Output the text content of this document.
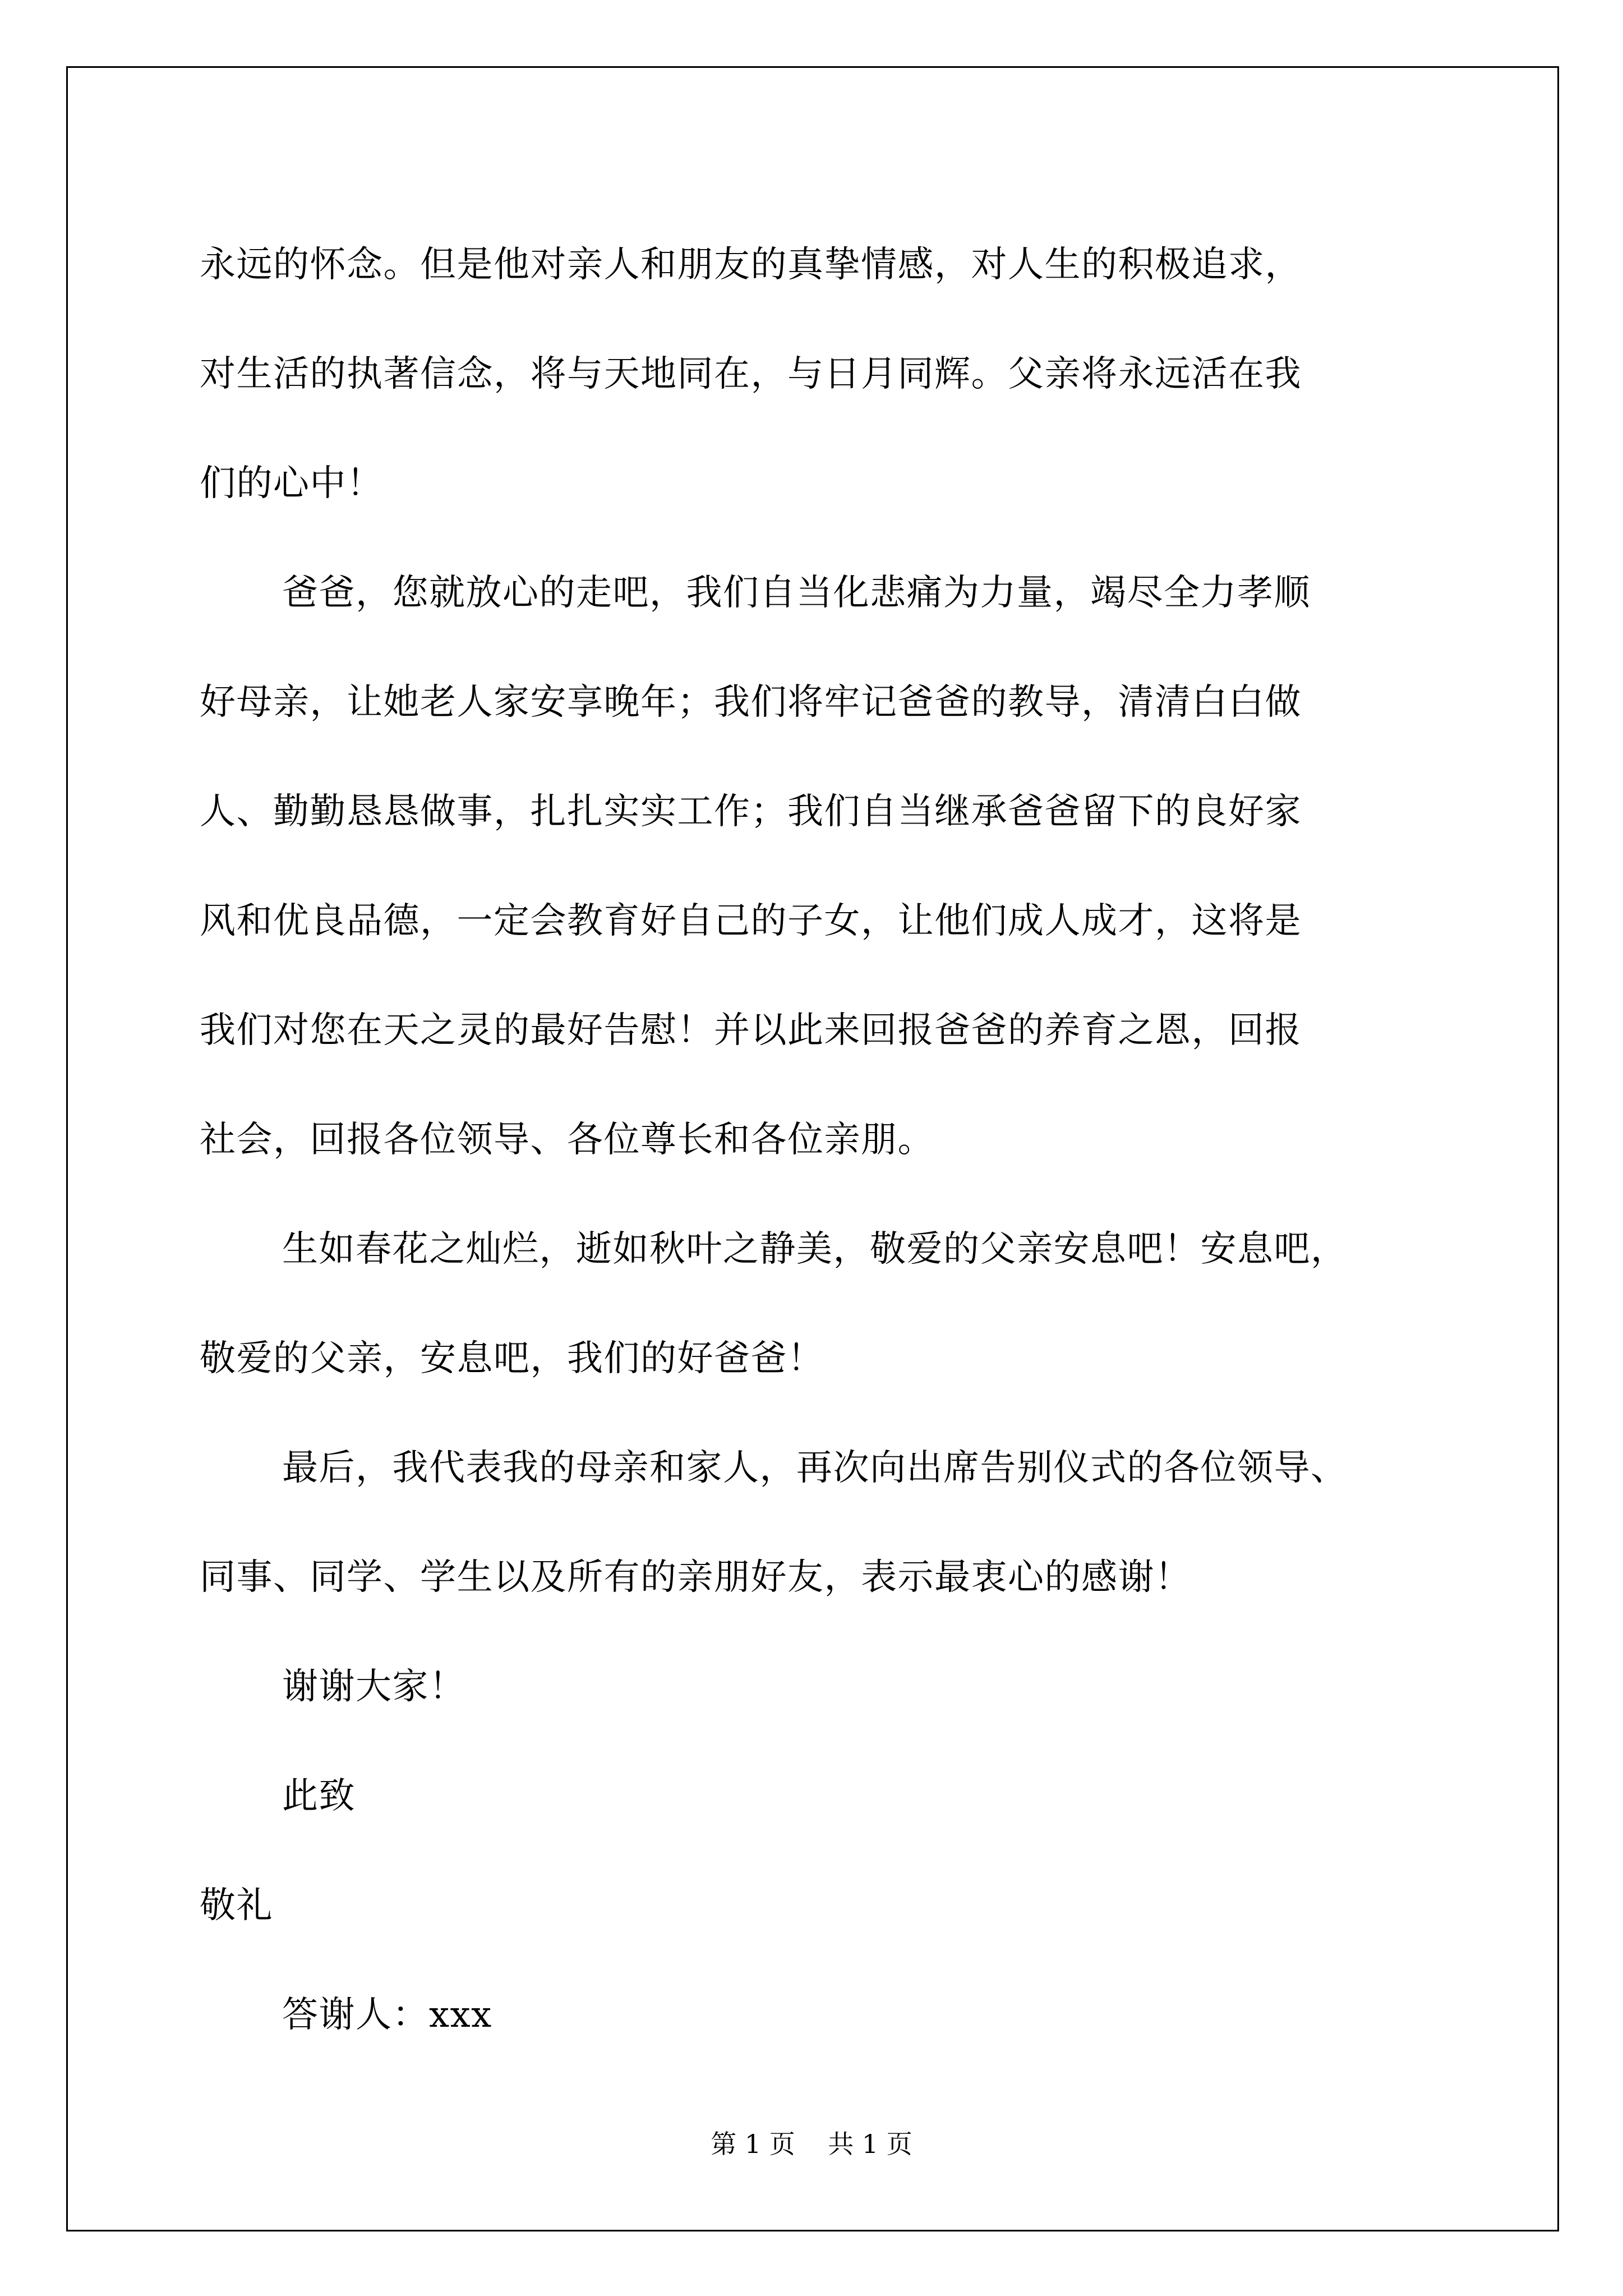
永远的怀念。但是他对亲人和朋友的真挚情感，对人生的积极追求，

对生活的执著信念，将与天地同在，与日月同辉。父亲将永远活在我

们的心中！

爸爸，您就放心的走吧，我们自当化悲痛为力量，竭尽全力孝顺

好母亲，让她老人家安享晚年；我们将牢记爸爸的教导，清清白白做

人、勤勤恳恳做事，扎扎实实工作；我们自当继承爸爸留下的良好家

风和优良品德，一定会教育好自己的子女，让他们成人成才，这将是

我们对您在天之灵的最好告慰！并以此来回报爸爸的养育之恩，回报

社会，回报各位领导、各位尊长和各位亲朋。

生如春花之灿烂，逝如秋叶之静美，敬爱的父亲安息吧！安息吧，

敬爱的父亲，安息吧，我们的好爸爸！

最后，我代表我的母亲和家人，再次向出席告别仪式的各位领导、

同事、同学、学生以及所有的亲朋好友，表示最衷心的感谢！

谢谢大家！

此致

敬礼

答谢人：xxx

第 1 页    共 1 页
